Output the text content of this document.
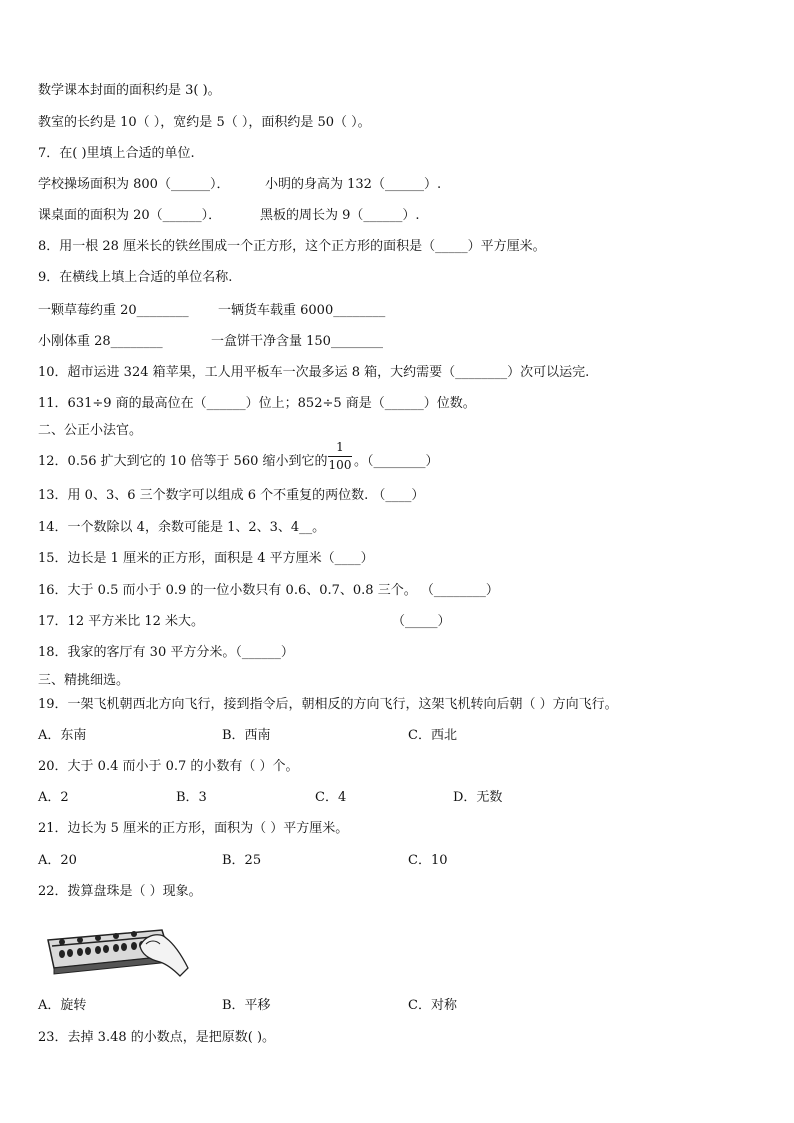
数学课本封面的面积约是 3( )。
教室的长约是 10（ ），宽约是 5（ ），面积约是 50（ ）。
7．在( )里填上合适的单位.
学校操场面积为 800（______）．	小明的身高为 132（______）.
课桌面的面积为 20（______）．	黑板的周长为 9（______）.
8．用一根 28 厘米长的铁丝围成一个正方形，这个正方形的面积是（_____）平方厘米。
9．在横线上填上合适的单位名称.
一颗草莓约重 20________ 一辆货车载重 6000________
小刚体重 28________	一盒饼干净含量 150________
10．超市运进 324 箱苹果，工人用平板车一次最多运 8 箱，大约需要（________）次可以运完.
11．631÷9 商的最高位在（______）位上；852÷5 商是（______）位数。
二、公正小法官。
12．0.56 扩大到它的 10 倍等于 560 缩小到它的
1
100 。（________）
13．用 0、3、6 三个数字可以组成 6 个不重复的两位数. （____）
14．一个数除以 4，余数可能是 1、2、3、4__。
15．边长是 1 厘米的正方形，面积是 4 平方厘米（____）
16．大于 0.5 而小于 0.9 的一位小数只有 0.6、0.7、0.8 三个。 （________）
17．12 平方米比 12 米大。	（_____）
18．我家的客厅有 30 平方分米。（______）
三、精挑细选。
19．一架飞机朝西北方向飞行，接到指令后，朝相反的方向飞行，这架飞机转向后朝（ ）方向飞行。
A．东南	B．西南	C．西北
20．大于 0.4 而小于 0.7 的小数有（ ）个。
A．2	B．3	C．4	D．无数
21．边长为 5 厘米的正方形，面积为（ ）平方厘米。
A．20	B．25	C．10
22．拨算盘珠是（ ）现象。
A．旋转	B．平移	C．对称
23．去掉 3.48 的小数点，是把原数( )。
